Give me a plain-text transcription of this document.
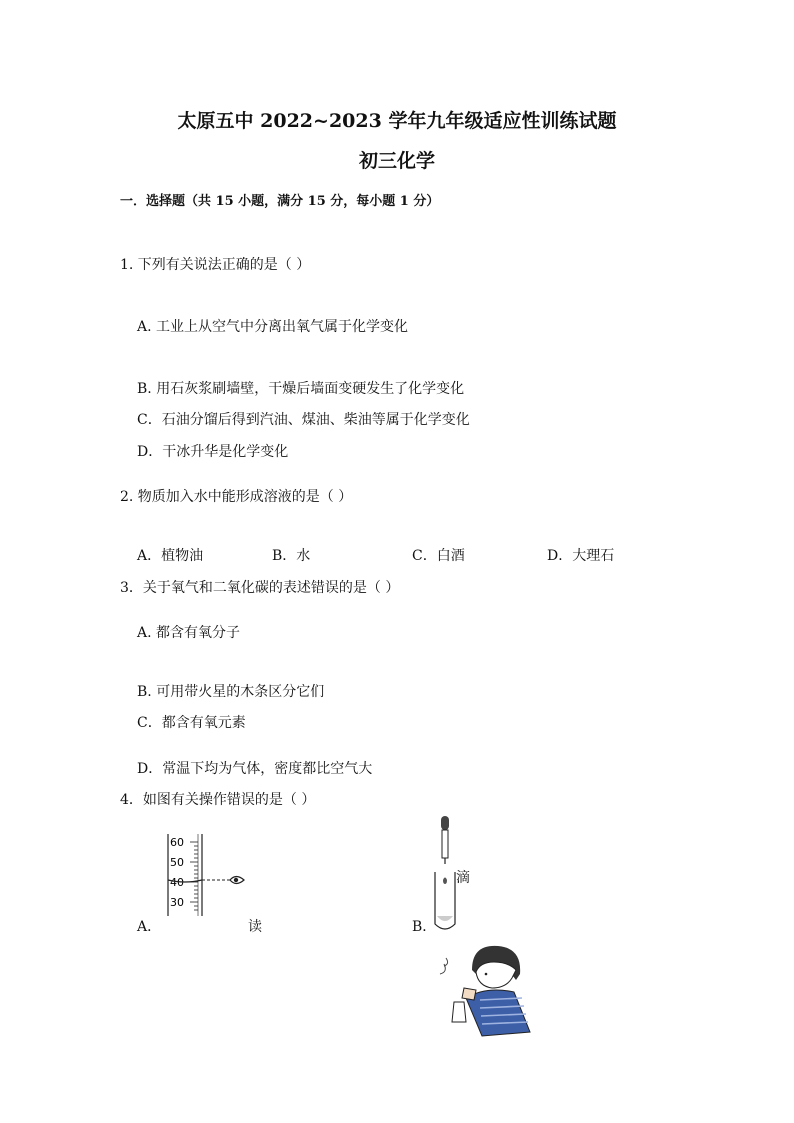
太原五中 2022~2023 学年九年级适应性训练试题
初三化学
一．选择题（共 15 小题，满分 15 分，每小题 1 分）
1. 下列有关说法正确的是（ ）
A. 工业上从空气中分离出氧气属于化学变化
B. 用石灰浆刷墙壁，干燥后墙面变硬发生了化学变化
C．石油分馏后得到汽油、煤油、柴油等属于化学变化
D．干冰升华是化学变化
2. 物质加入水中能形成溶液的是（ ）
A．植物油	B．水	C．白酒	D．大理石
3．关于氧气和二氧化碳的表述错误的是（ ）
A. 都含有氧分子
B. 可用带火星的木条区分它们
C．都含有氧元素
D．常温下均为气体，密度都比空气大
4．如图有关操作错误的是（ ）
60
50
40
30
A．	读
滴
B．
